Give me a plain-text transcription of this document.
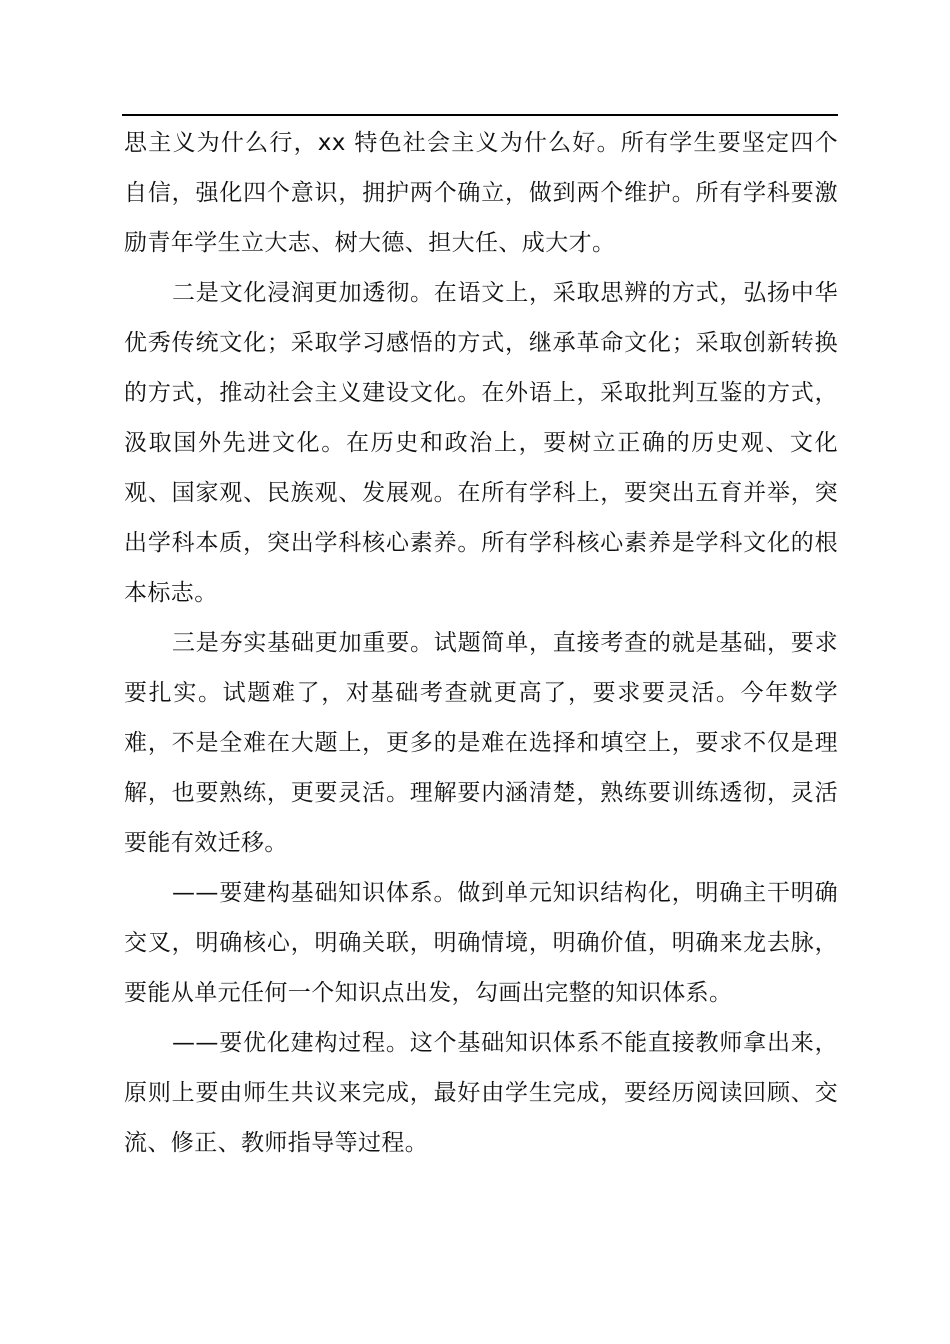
思主义为什么行，xx 特色社会主义为什么好。所有学生要坚定四个自信，强化四个意识，拥护两个确立，做到两个维护。所有学科要激励青年学生立大志、树大德、担大任、成大才。

二是文化浸润更加透彻。在语文上，采取思辨的方式，弘扬中华优秀传统文化；采取学习感悟的方式，继承革命文化；采取创新转换的方式，推动社会主义建设文化。在外语上，采取批判互鉴的方式，汲取国外先进文化。在历史和政治上，要树立正确的历史观、文化观、国家观、民族观、发展观。在所有学科上，要突出五育并举，突出学科本质，突出学科核心素养。所有学科核心素养是学科文化的根本标志。

三是夯实基础更加重要。试题简单，直接考查的就是基础，要求要扎实。试题难了，对基础考查就更高了，要求要灵活。今年数学难，不是全难在大题上，更多的是难在选择和填空上，要求不仅是理解，也要熟练，更要灵活。理解要内涵清楚，熟练要训练透彻，灵活要能有效迁移。

——要建构基础知识体系。做到单元知识结构化，明确主干明确交叉，明确核心，明确关联，明确情境，明确价值，明确来龙去脉，要能从单元任何一个知识点出发，勾画出完整的知识体系。

——要优化建构过程。这个基础知识体系不能直接教师拿出来，原则上要由师生共议来完成，最好由学生完成，要经历阅读回顾、交流、修正、教师指导等过程。
